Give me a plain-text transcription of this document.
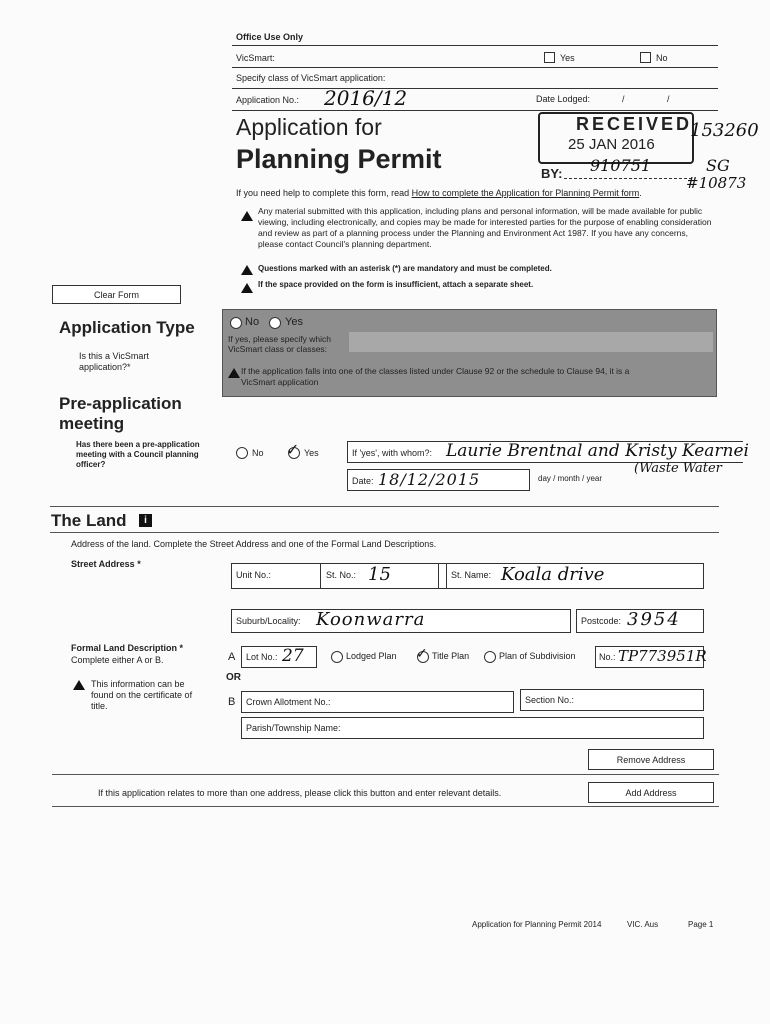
Office Use Only
VicSmart:	Yes	No
Specify class of VicSmart application:
Application No.: 2016/12	Date Lodged:	/ /
RECEIVED
25 JAN 2016
153260
BY: 910751	SG
#10873
Application for
Planning Permit
If you need help to complete this form, read How to complete the Application for Planning Permit form.
Any material submitted with this application, including plans and personal information, will be made available for public viewing, including electronically, and copies may be made for interested parties for the purpose of enabling consideration and review as part of a planning process under the Planning and Environment Act 1987. If you have any concerns, please contact Council's planning department.
Questions marked with an asterisk (*) are mandatory and must be completed.
If the space provided on the form is insufficient, attach a separate sheet.
Clear Form
Application Type
Is this a VicSmart application?*
No Yes
If yes, please specify which VicSmart class or classes:
If the application falls into one of the classes listed under Clause 92 or the schedule to Clause 94, it is a VicSmart application
Pre-application
meeting
Has there been a pre-application meeting with a Council planning officer?
No ✓ Yes	If 'yes', with whom?: Laurie Brentnal and Kristy Kearnei
(Waste Water
Date: 18/12/2015	day / month / year
The Land	i
Address of the land. Complete the Street Address and one of the Formal Land Descriptions.
Street Address *
Unit No.:	St. No.: 15	St. Name: Koala drive
Suburb/Locality: Koonwarra	Postcode: 3954
Formal Land Description *
Complete either A or B.
This information can be found on the certificate of title.
A Lot No.: 27	Lodged Plan ✓ Title Plan	Plan of Subdivision	No.: TP773951R
OR
B Crown Allotment No.:	Section No.:
Parish/Township Name:
Remove Address
If this application relates to more than one address, please click this button and enter relevant details.	Add Address
Application for Planning Permit 2014	VIC. Aus	Page 1
